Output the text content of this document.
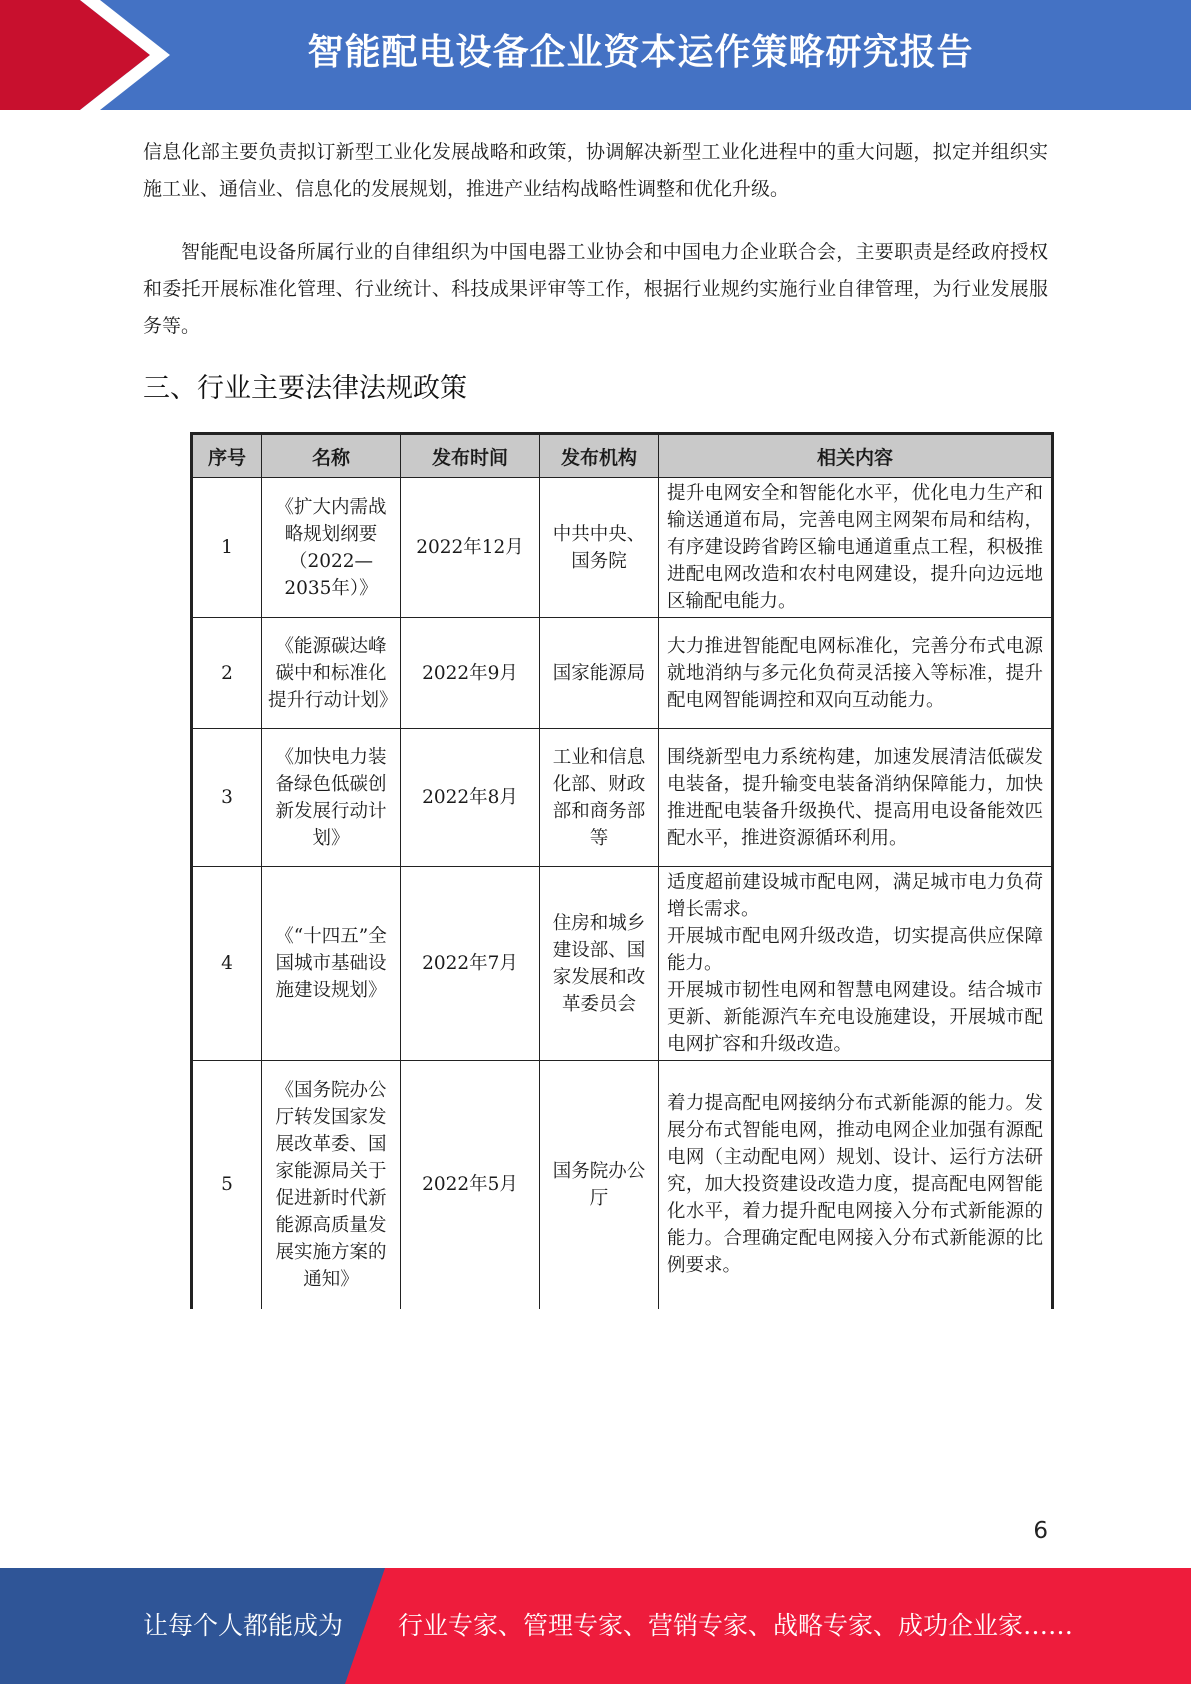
智能配电设备企业资本运作策略研究报告

信息化部主要负责拟订新型工业化发展战略和政策，协调解决新型工业化进程中的重大问题，拟定并组织实施工业、通信业、信息化的发展规划，推进产业结构战略性调整和优化升级。

智能配电设备所属行业的自律组织为中国电器工业协会和中国电力企业联合会，主要职责是经政府授权和委托开展标准化管理、行业统计、科技成果评审等工作，根据行业规约实施行业自律管理，为行业发展服务等。

三、行业主要法律法规政策
序号	名称	发布时间	发布机构	相关内容
1	《扩大内需战略规划纲要（2022—2035年）》	2022年12月	中共中央、国务院	提升电网安全和智能化水平，优化电力生产和输送通道布局，完善电网主网架布局和结构，有序建设跨省跨区输电通道重点工程，积极推进配电网改造和农村电网建设，提升向边远地区输配电能力。

2	《能源碳达峰碳中和标准化提升行动计划》	2022年9月	国家能源局	大力推进智能配电网标准化，完善分布式电源就地消纳与多元化负荷灵活接入等标准，提升配电网智能调控和双向互动能力。

3	《加快电力装备绿色低碳创新发展行动计划》	2022年8月	工业和信息化部、财政部和商务部等	围绕新型电力系统构建，加速发展清洁低碳发电装备，提升输变电装备消纳保障能力，加快推进配电装备升级换代、提高用电设备能效匹配水平，推进资源循环利用。

4	《“十四五”全国城市基础设施建设规划》	2022年7月	住房和城乡建设部、国家发展和改革委员会	适度超前建设城市配电网，满足城市电力负荷增长需求。
开展城市配电网升级改造，切实提高供应保障能力。
开展城市韧性电网和智慧电网建设。结合城市更新、新能源汽车充电设施建设，开展城市配电网扩容和升级改造。

5	《国务院办公厅转发国家发展改革委、国家能源局关于促进新时代新能源高质量发展实施方案的通知》	2022年5月	国务院办公厅	着力提高配电网接纳分布式新能源的能力。发展分布式智能电网，推动电网企业加强有源配电网（主动配电网）规划、设计、运行方法研究，加大投资建设改造力度，提高配电网智能化水平，着力提升配电网接入分布式新能源的能力。合理确定配电网接入分布式新能源的比例要求。
6
让每个人都能成为 行业专家、管理专家、营销专家、战略专家、成功企业家……
